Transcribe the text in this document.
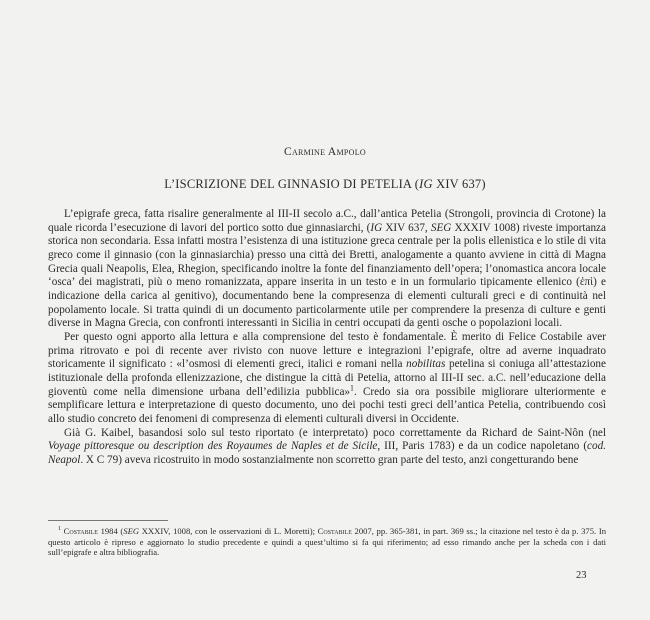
Carmine Ampolo
L’ISCRIZIONE DEL GINNASIO DI PETELIA (IG XIV 637)

L’epigrafe greca, fatta risalire generalmente al III-II secolo a.C., dall’antica Petelia (Strongoli, provincia di Crotone) la quale ricorda l’esecuzione di lavori del portico sotto due ginnasiarchi, (IG XIV 637, SEG XXXIV 1008) riveste importanza storica non secondaria. Essa infatti mostra l’esistenza di una istituzione greca centrale per la polis ellenistica e lo stile di vita greco come il ginnasio (con la ginnasiarchia) presso una città dei Bretti, analogamente a quanto avviene in città di Magna Grecia quali Neapolis, Elea, Rhegion, specificando inoltre la fonte del finanziamento dell’opera; l’onomastica ancora locale ‘osca’ dei magistrati, più o meno romanizzata, appare inserita in un testo e in un formulario tipicamente ellenico (ἐπὶ) e indicazione della carica al genitivo), documentando bene la compresenza di elementi culturali greci e di continuità nel popolamento locale. Si tratta quindi di un documento particolarmente utile per comprendere la presenza di culture e genti diverse in Magna Grecia, con confronti interessanti in Sicilia in centri occupati da genti osche o popolazioni locali.

Per questo ogni apporto alla lettura e alla comprensione del testo è fondamentale. È merito di Felice Costabile aver prima ritrovato e poi di recente aver rivisto con nuove letture e integrazioni l’epigrafe, oltre ad averne inquadrato storicamente il significato : «l’osmosi di elementi greci, italici e romani nella nobilitas petelina si coniuga all’attestazione istituzionale della profonda ellenizzazione, che distingue la città di Petelia, attorno al III-II sec. a.C. nell’educazione della gioventù come nella dimensione urbana dell’edilizia pubblica»$^1$. Credo sia ora possibile migliorare ulteriormente e semplificare lettura e interpretazione di questo documento, uno dei pochi testi greci dell’antica Petelia, contribuendo così allo studio concreto dei fenomeni di compresenza di elementi culturali diversi in Occidente.

Già G. Kaibel, basandosi solo sul testo riportato (e interpretato) poco correttamente da Richard de Saint-Nôn (nel Voyage pittoresque ou description des Royaumes de Naples et de Sicile, III, Paris 1783) e da un codice napoletano (cod. Neapol. X C 79) aveva ricostruito in modo sostanzialmente non scorretto gran parte del testo, anzi congetturando bene

$^1$ Costabile 1984 (SEG XXXIV, 1008, con le osservazioni di L. Moretti); Costabile 2007, pp. 365-381, in part. 369 ss.; la citazione nel testo è da p. 375. In questo articolo è ripreso e aggiornato lo studio precedente e quindi a quest’ultimo si fa qui riferimento; ad esso rimando anche per la scheda con i dati sull’epigrafe e altra bibliografia.
23
